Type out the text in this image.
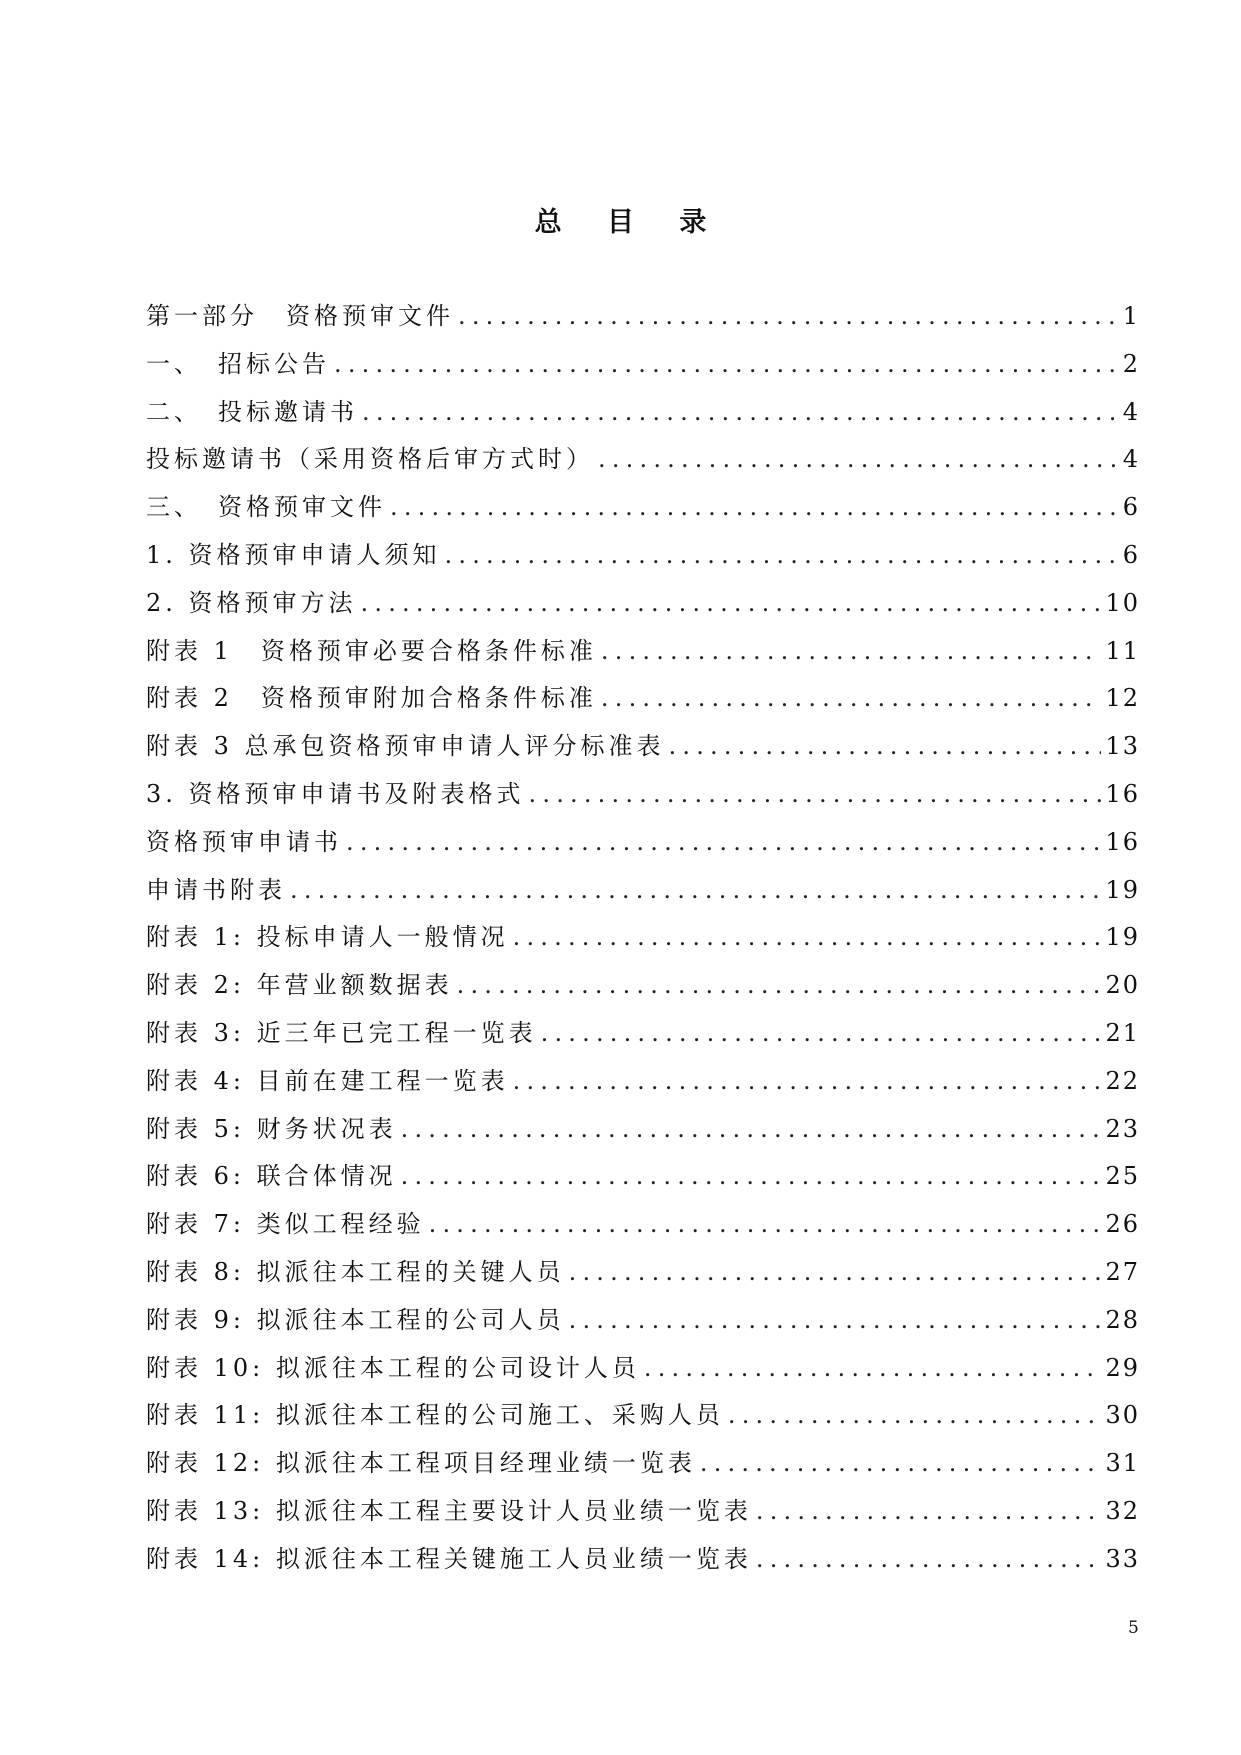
总 目 录
第一部分　资格预审文件 .....	1
一、　招标公告 .....	2
二、　投标邀请书 .....	4
投标邀请书（采用资格后审方式时） .....	4
三、　资格预审文件 .....	6
1. 资格预审申请人须知 .....	6
2. 资格预审方法 .....	10
附表 1　资格预审必要合格条件标准 .....	11
附表 2　资格预审附加合格条件标准 .....	12
附表 3 总承包资格预审申请人评分标准表 .....	13
3. 资格预审申请书及附表格式 .....	16
资格预审申请书 .....	16
申请书附表 .....	19
附表 1: 投标申请人一般情况 .....	19
附表 2: 年营业额数据表 .....	20
附表 3: 近三年已完工程一览表 .....	21
附表 4: 目前在建工程一览表 .....	22
附表 5: 财务状况表 .....	23
附表 6: 联合体情况 .....	25
附表 7: 类似工程经验 .....	26
附表 8: 拟派往本工程的关键人员 .....	27
附表 9: 拟派往本工程的公司人员 .....	28
附表 10: 拟派往本工程的公司设计人员 .....	29
附表 11: 拟派往本工程的公司施工、采购人员 .....	30
附表 12: 拟派往本工程项目经理业绩一览表 .....	31
附表 13: 拟派往本工程主要设计人员业绩一览表 .....	32
附表 14: 拟派往本工程关键施工人员业绩一览表 .....	33
5
